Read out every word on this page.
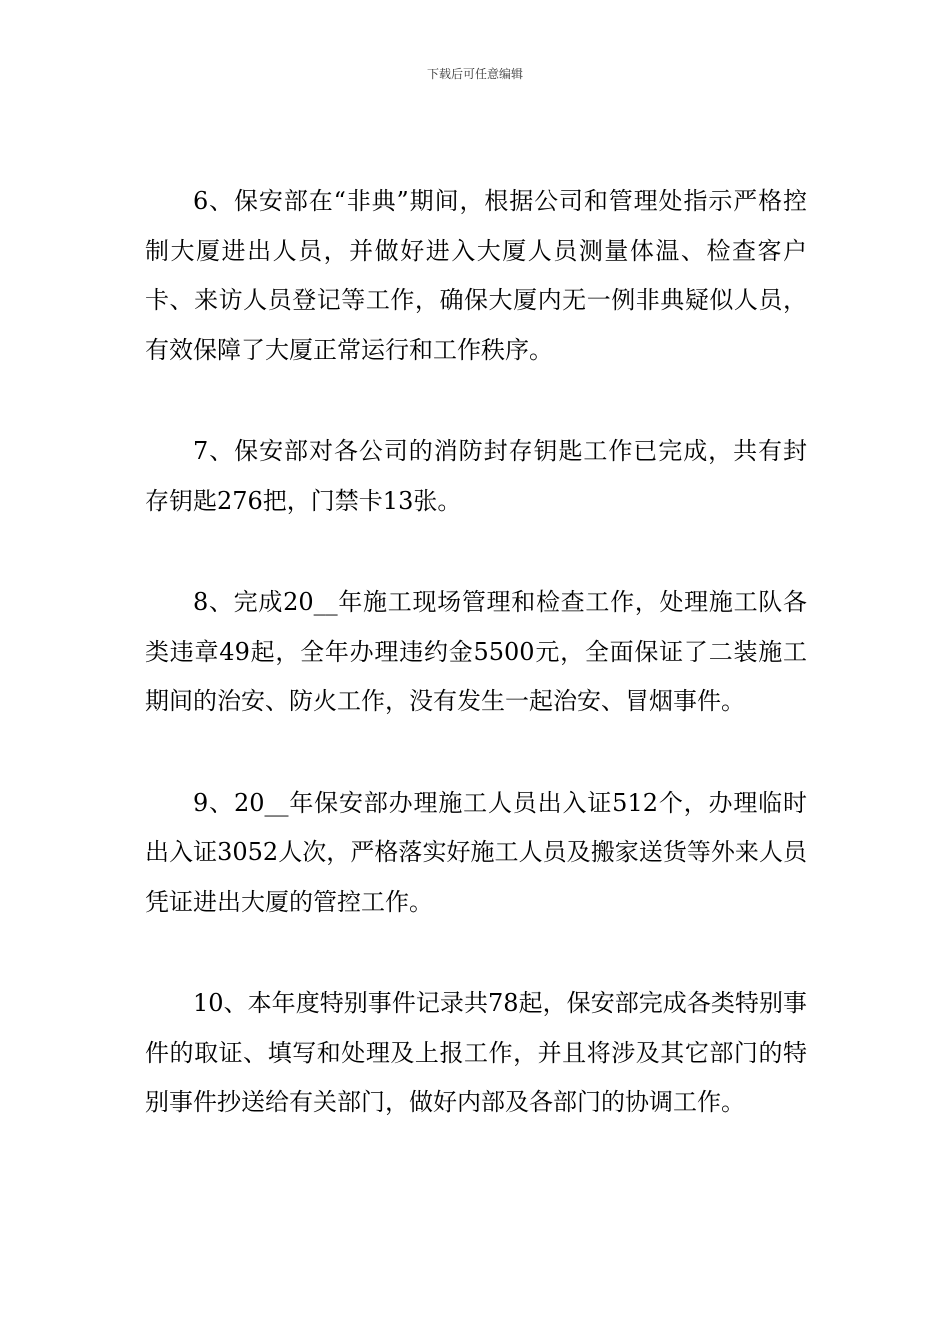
下载后可任意编辑

6、保安部在“非典”期间，根据公司和管理处指示严格控制大厦进出人员，并做好进入大厦人员测量体温、检查客户卡、来访人员登记等工作，确保大厦内无一例非典疑似人员，有效保障了大厦正常运行和工作秩序。

7、保安部对各公司的消防封存钥匙工作已完成，共有封存钥匙276把，门禁卡13张。

8、完成20__年施工现场管理和检查工作，处理施工队各类违章49起，全年办理违约金5500元，全面保证了二装施工期间的治安、防火工作，没有发生一起治安、冒烟事件。

9、20__年保安部办理施工人员出入证512个，办理临时出入证3052人次，严格落实好施工人员及搬家送货等外来人员凭证进出大厦的管控工作。

10、本年度特别事件记录共78起，保安部完成各类特别事件的取证、填写和处理及上报工作，并且将涉及其它部门的特别事件抄送给有关部门，做好内部及各部门的协调工作。
